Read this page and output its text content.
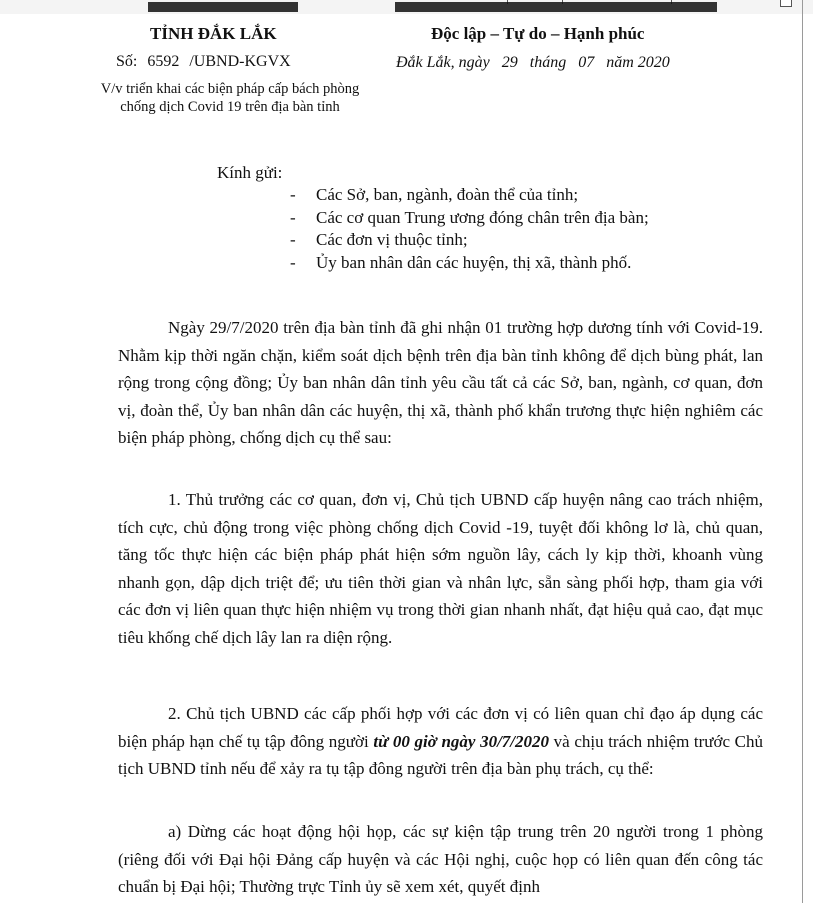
TỈNH ĐẮK LẮK	Độc lập – Tự do – Hạnh phúc
Số: 6592 /UBND-KGVX	Đắk Lắk, ngày 29 tháng 07 năm 2020
V/v triển khai các biện pháp cấp bách phòng chống dịch Covid 19 trên địa bàn tỉnh
Kính gửi:
- Các Sở, ban, ngành, đoàn thể của tỉnh;
- Các cơ quan Trung ương đóng chân trên địa bàn;
- Các đơn vị thuộc tỉnh;
- Ủy ban nhân dân các huyện, thị xã, thành phố.
Ngày 29/7/2020 trên địa bàn tỉnh đã ghi nhận 01 trường hợp dương tính với Covid-19. Nhằm kịp thời ngăn chặn, kiểm soát dịch bệnh trên địa bàn tỉnh không để dịch bùng phát, lan rộng trong cộng đồng; Ủy ban nhân dân tỉnh yêu cầu tất cả các Sở, ban, ngành, cơ quan, đơn vị, đoàn thể, Ủy ban nhân dân các huyện, thị xã, thành phố khẩn trương thực hiện nghiêm các biện pháp phòng, chống dịch cụ thể sau:
1. Thủ trưởng các cơ quan, đơn vị, Chủ tịch UBND cấp huyện nâng cao trách nhiệm, tích cực, chủ động trong việc phòng chống dịch Covid -19, tuyệt đối không lơ là, chủ quan, tăng tốc thực hiện các biện pháp phát hiện sớm nguồn lây, cách ly kịp thời, khoanh vùng nhanh gọn, dập dịch triệt để; ưu tiên thời gian và nhân lực, sẵn sàng phối hợp, tham gia với các đơn vị liên quan thực hiện nhiệm vụ trong thời gian nhanh nhất, đạt hiệu quả cao, đạt mục tiêu khống chế dịch lây lan ra diện rộng.
2. Chủ tịch UBND các cấp phối hợp với các đơn vị có liên quan chỉ đạo áp dụng các biện pháp hạn chế tụ tập đông người từ 00 giờ ngày 30/7/2020 và chịu trách nhiệm trước Chủ tịch UBND tỉnh nếu để xảy ra tụ tập đông người trên địa bàn phụ trách, cụ thể:
a) Dừng các hoạt động hội họp, các sự kiện tập trung trên 20 người trong 1 phòng (riêng đối với Đại hội Đảng cấp huyện và các Hội nghị, cuộc họp có liên quan đến công tác chuẩn bị Đại hội; Thường trực Tỉnh ủy sẽ xem xét, quyết định
